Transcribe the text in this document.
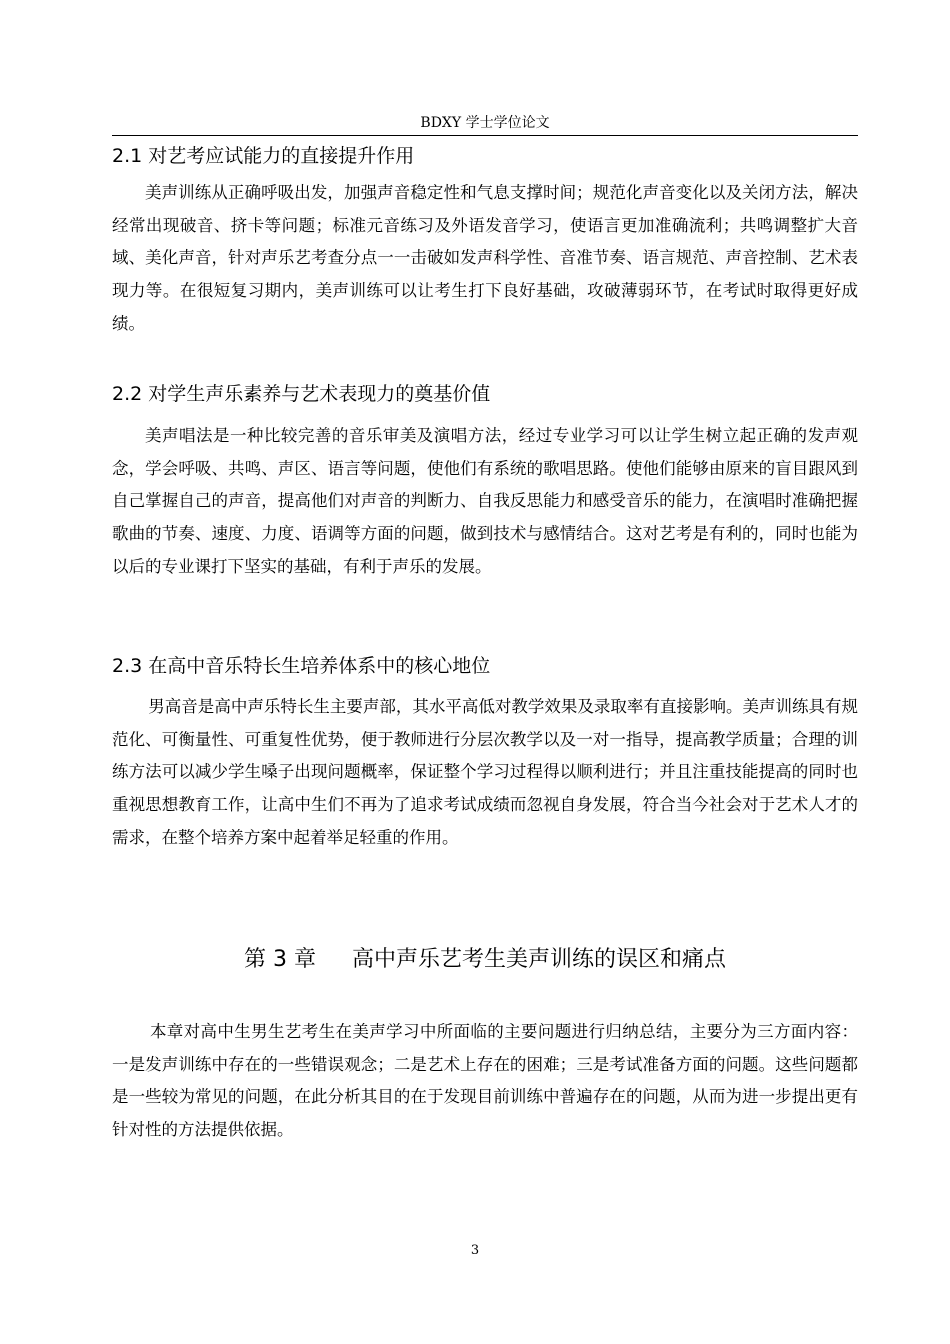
BDXY 学士学位论文
2.1 对艺考应试能力的直接提升作用
美声训练从正确呼吸出发，加强声音稳定性和气息支撑时间；规范化声音变化以及关闭方法，解决经常出现破音、挤卡等问题；标准元音练习及外语发音学习，使语言更加准确流利；共鸣调整扩大音域、美化声音，针对声乐艺考查分点一一击破如发声科学性、音准节奏、语言规范、声音控制、艺术表现力等。在很短复习期内，美声训练可以让考生打下良好基础，攻破薄弱环节，在考试时取得更好成绩。
2.2 对学生声乐素养与艺术表现力的奠基价值
美声唱法是一种比较完善的音乐审美及演唱方法，经过专业学习可以让学生树立起正确的发声观念，学会呼吸、共鸣、声区、语言等问题，使他们有系统的歌唱思路。使他们能够由原来的盲目跟风到自己掌握自己的声音，提高他们对声音的判断力、自我反思能力和感受音乐的能力，在演唱时准确把握歌曲的节奏、速度、力度、语调等方面的问题，做到技术与感情结合。这对艺考是有利的，同时也能为以后的专业课打下坚实的基础，有利于声乐的发展。
2.3 在高中音乐特长生培养体系中的核心地位
男高音是高中声乐特长生主要声部，其水平高低对教学效果及录取率有直接影响。美声训练具有规范化、可衡量性、可重复性优势，便于教师进行分层次教学以及一对一指导，提高教学质量；合理的训练方法可以减少学生嗓子出现问题概率，保证整个学习过程得以顺利进行；并且注重技能提高的同时也重视思想教育工作，让高中生们不再为了追求考试成绩而忽视自身发展，符合当今社会对于艺术人才的需求，在整个培养方案中起着举足轻重的作用。
第 3 章 高中声乐艺考生美声训练的误区和痛点
本章对高中生男生艺考生在美声学习中所面临的主要问题进行归纳总结，主要分为三方面内容：一是发声训练中存在的一些错误观念；二是艺术上存在的困难；三是考试准备方面的问题。这些问题都是一些较为常见的问题，在此分析其目的在于发现目前训练中普遍存在的问题，从而为进一步提出更有针对性的方法提供依据。
3
